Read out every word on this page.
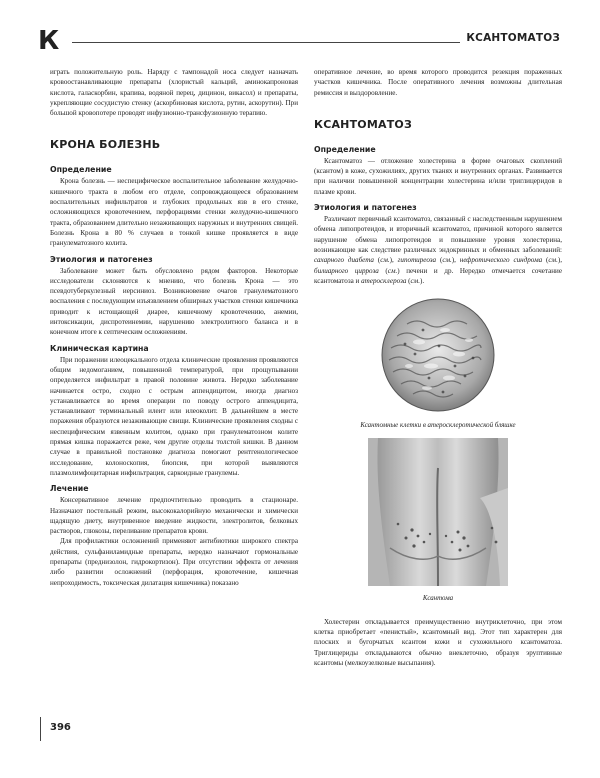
К	КСАНТОМАТОЗ

играть положительную роль. Наряду с тампонадой носа следует назначать кровоостанавливающие препараты (хлористый кальций, аминокапроновая кислота, галаскорбин, крапива, водяной перец, дицинон, викасол) и препараты, укрепляющие сосудистую стенку (аскорбиновая кислота, рутин, аскорутин). При большой кровопотере проводят инфузионно-трансфузионную терапию.

КРОНА БОЛЕЗНЬ
Определение

Крона болезнь — неспецифическое воспалительное заболевание желудочно-кишечного тракта в любом его отделе, сопровождающееся образованием воспалительных инфильтратов и глубоких продольных язв в его стенке, осложняющихся кровотечением, перфорациями стенки желудочно-кишечного тракта, образованием длительно незаживающих наружных и внутренних свищей. Болезнь Крона в 80 % случаев в тонкой кишке проявляется в виде гранулематозного колита.

Этиология и патогенез

Заболевание может быть обусловлено рядом факторов. Некоторые исследователи склоняются к мнению, что болезнь Крона — это псевдотуберкулезный иерсиниоз. Возникновение очагов гранулематозного воспаления с последующим изъязвлением обширных участков стенки кишечника приводит к истощающей диарее, кишечному кровотечению, анемии, интоксикации, диспротеинемии, нарушению электролитного баланса и в конечном итоге к септическим осложнениям.

Клиническая картина

При поражении илеоцекального отдела клинические проявления проявляются общим недомоганием, повышенной температурой, при прощупывании определяется инфильтрат в правой половине живота. Нередко заболевание начинается остро, сходно с острым аппендицитом, иногда диагноз устанавливается во время операции по поводу острого аппендицита, устанавливают терминальный илеит или илеоколит. В дальнейшем в месте поражения образуются незаживающие свищи. Клинические проявления сходны с неспецифическим язвенным колитом, однако при гранулематозном колите прямая кишка поражается реже, чем другие отделы толстой кишки. В данном случае в правильной постановке диагноза помогают рентгенологическое исследование, колоноскопия, биопсия, при которой выявляются плазмолимфоцитарная инфильтрация, саркоидные гранулемы.

Лечение

Консервативное лечение предпочтительно проводить в стационаре. Назначают постельный режим, высококалорийную механически и химически щадящую диету, внутривенное введение жидкости, электролитов, белковых растворов, глюкозы, переливание препаратов крови.

Для профилактики осложнений применяют антибиотики широкого спектра действия, сульфаниламидные препараты, нередко назначают гормональные препараты (преднизолон, гидрокортизон). При отсутствии эффекта от лечения либо развитии осложнений (перфорация, кровотечение, кишечная непроходимость, токсическая дилатация кишечника) показано

оперативное лечение, во время которого проводится резекция пораженных участков кишечника. После оперативного лечения возможны длительная ремиссия и выздоровление.

КСАНТОМАТОЗ
Определение

Ксантоматоз — отложение холестерина в форме очаговых скоплений (ксантом) в коже, сухожилиях, других тканях и внутренних органах. Развивается при наличии повышенной концентрации холестерина и/или триглицеридов в плазме крови.

Этиология и патогенез

Различают первичный ксантоматоз, связанный с наследственным нарушением обмена липопротеидов, и вторичный ксантоматоз, причиной которого является нарушение обмена липопротеидов и повышение уровня холестерина, возникающие как следствие различных эндокринных и обменных заболеваний: сахарного диабета (см.), гипотиреоза (см.), нефротического синдрома (см.), билиарного цирроза (см.) печени и др. Нередко отмечается сочетание ксантоматоза и атеросклероза (см.).

Ксантомные клетки в атеросклеротической бляшке
Ксантома

Холестерин откладывается преимущественно внутриклеточно, при этом клетка приобретает «пенистый», ксантомный вид. Этот тип характерен для плоских и бугорчатых ксантом кожи и сухожильного ксантоматоза. Триглицериды откладываются обычно внеклеточно, образуя эруптивные ксантомы (мелкоузелковые высыпания).

396
